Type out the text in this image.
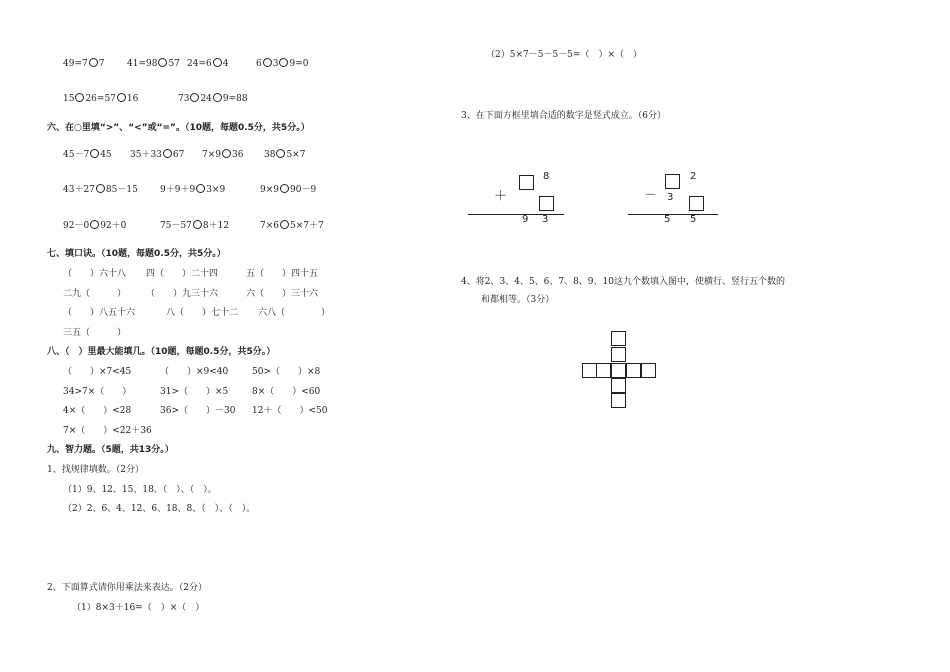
49=7 7	41=98 57 24=6 4	6 3 9=0
15 26=57 16	73 24 9=88
六、在○里填“>”、“<”或“=”。（10题，每题0.5分，共5分。）
45－7 45 35＋33 67 7×9 36 38 5×7
43＋27 85－15 9＋9＋9 3×9	9×9 90－9
92－0 92＋0	75－57 8＋12	7×6 5×7＋7
七、填口诀。（10题，每题0.5分，共5分。）
（　　）六十八 四（　　）二十四	五（　　）四十五
二九（　　　） （　　）九三十六	六（　　）三十六
（　　）八五十六	八（　　）七十二 六八（　　　　）
三五（　　　）
八、（　）里最大能填几。（10题，每题0.5分，共5分。）
（　　）×7<45	（　　）×9<40	50>（　　）×8
34>7×（　　）	31>（　　）×5	8×（　　）<60
4×（　　）<28	36>（　　）－30 12＋（　　）<50
7×（　　）<22＋36
九、智力题。（5题，共13分。）
1、找规律填数。（2分）
（1）9、12、15、18、（　）、（　）。
（2）2、6、4、12、6、18、8、（　）、（　）。
2、下面算式请你用乘法来表达。（2分）
（1）8×3＋16=（　）×（　）
（2）5×7－5－5－5=（　）×（　）
3、在下面方框里填合适的数字是竖式成立。（6分）
8
＋
9 3
2
－ 3
5 5
4、将2、3、4、5、6、7、8、9、10这九个数填入图中，使横行、竖行五个数的
和都相等。（3分）
